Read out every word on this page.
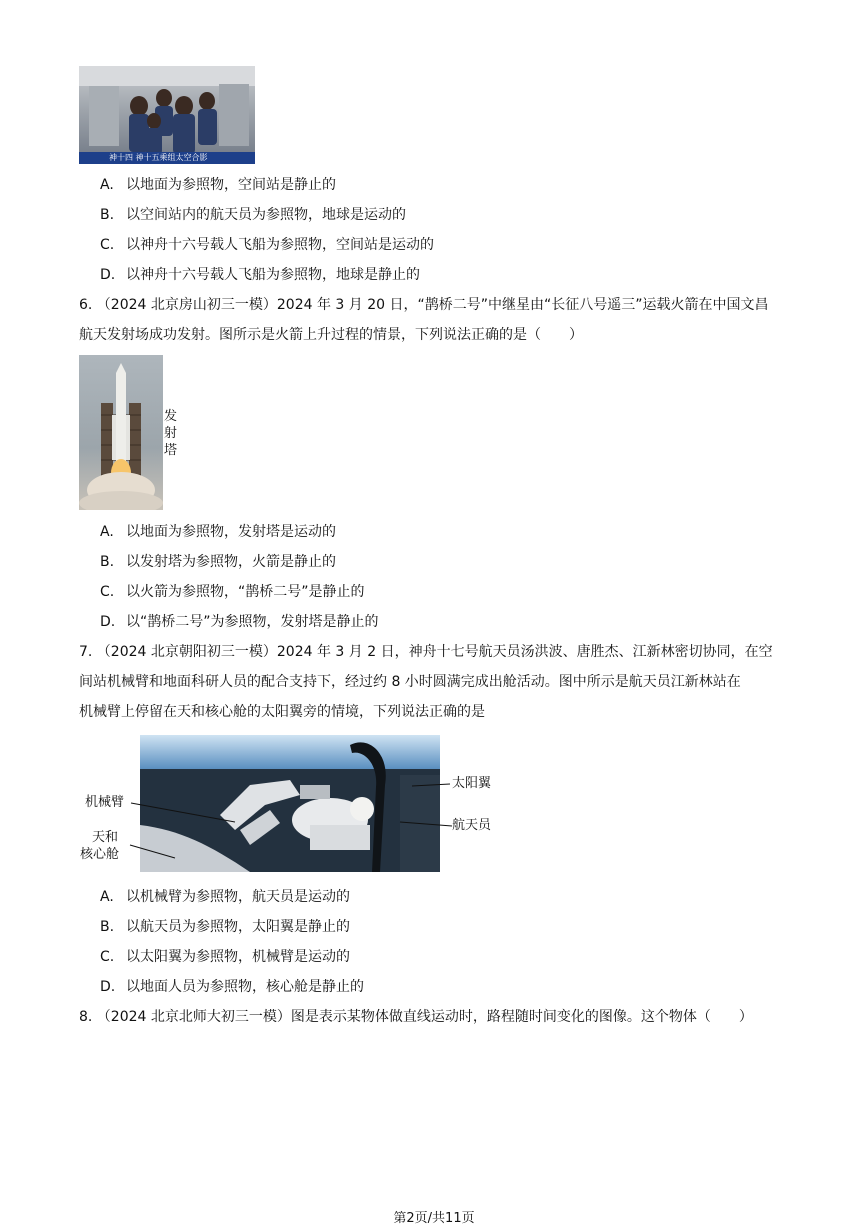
神十四 神十五乘组太空合影
A. 以地面为参照物，空间站是静止的
B. 以空间站内的航天员为参照物，地球是运动的
C. 以神舟十六号载人飞船为参照物，空间站是运动的
D. 以神舟十六号载人飞船为参照物，地球是静止的
6. （2024 北京房山初三一模）2024 年 3 月 20 日，“鹊桥二号”中继星由“长征八号遥三”运载火箭在中国文昌
航天发射场成功发射。图所示是火箭上升过程的情景，下列说法正确的是（　　）
发射塔
A. 以地面为参照物，发射塔是运动的
B. 以发射塔为参照物，火箭是静止的
C. 以火箭为参照物，“鹊桥二号”是静止的
D. 以“鹊桥二号”为参照物，发射塔是静止的
7. （2024 北京朝阳初三一模）2024 年 3 月 2 日，神舟十七号航天员汤洪波、唐胜杰、江新林密切协同，在空
间站机械臂和地面科研人员的配合支持下，经过约 8 小时圆满完成出舱活动。图中所示是航天员江新林站在
机械臂上停留在天和核心舱的太阳翼旁的情境，下列说法正确的是
机械臂
天和
核心舱
太阳翼
航天员
A. 以机械臂为参照物，航天员是运动的
B. 以航天员为参照物，太阳翼是静止的
C. 以太阳翼为参照物，机械臂是运动的
D. 以地面人员为参照物，核心舱是静止的
8. （2024 北京北师大初三一模）图是表示某物体做直线运动时，路程随时间变化的图像。这个物体（　　）
第2页/共11页
